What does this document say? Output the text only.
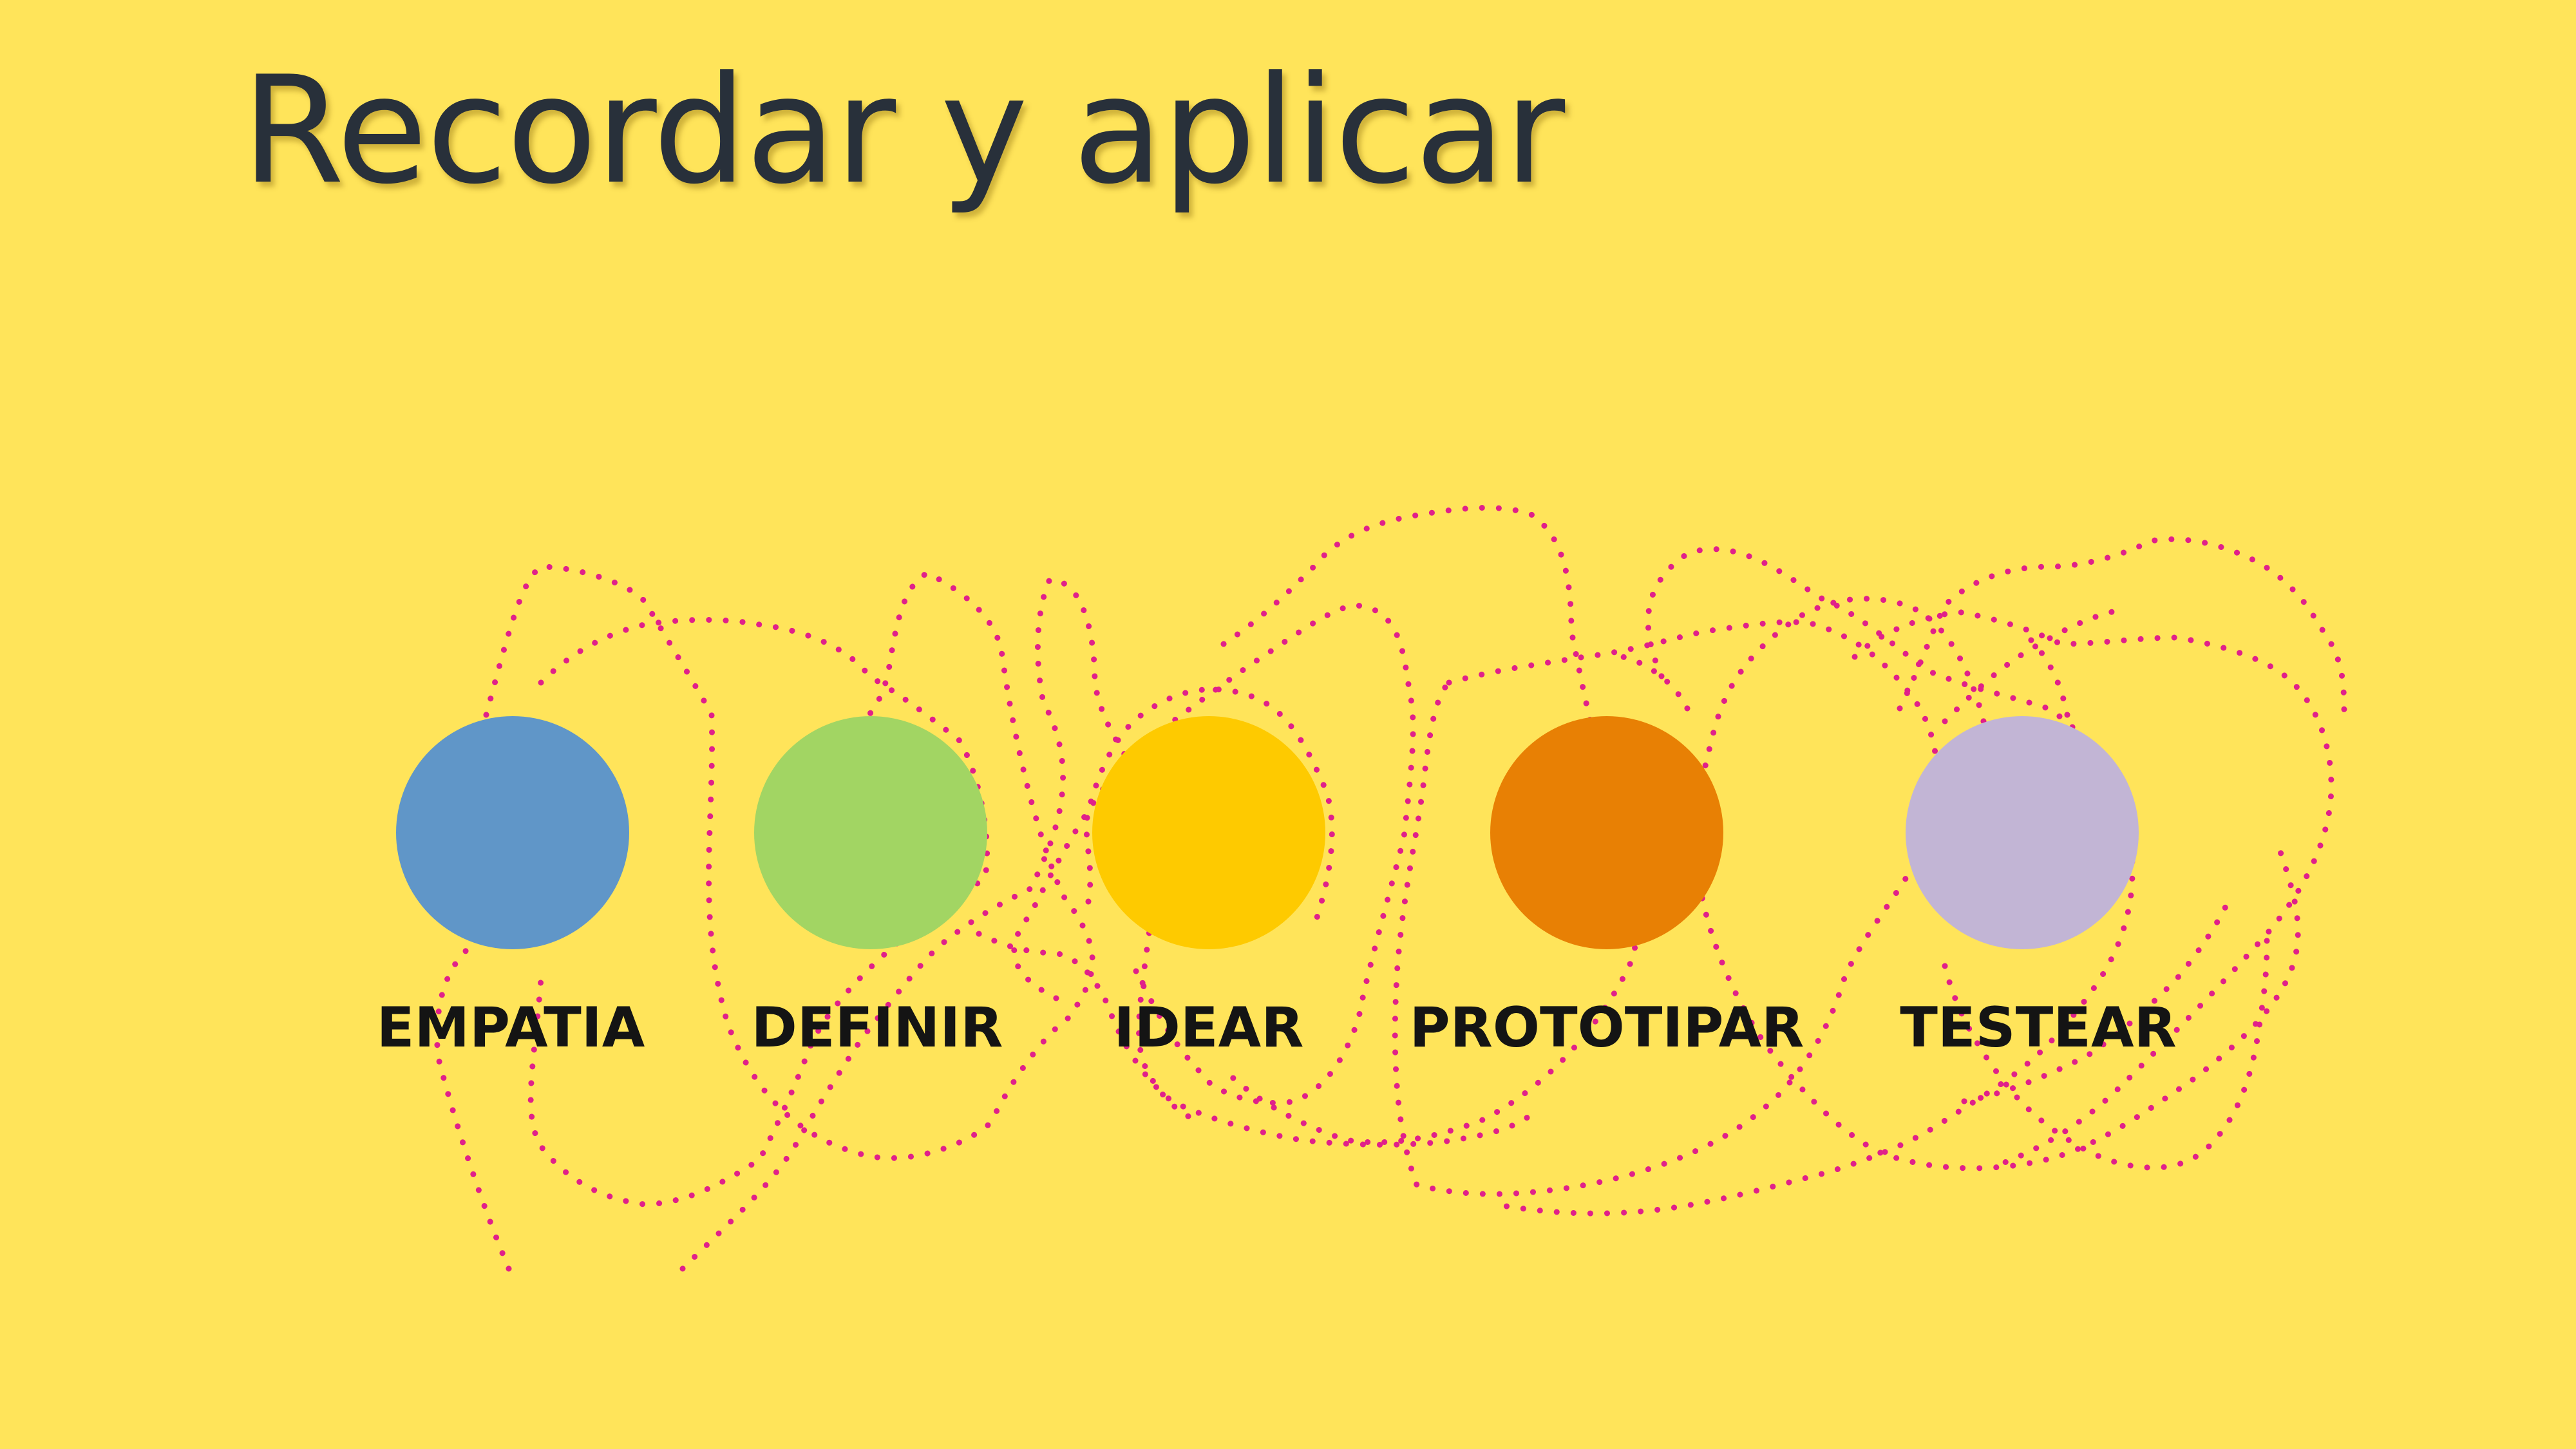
Recordar y aplicar
EMPATIA DEFINIR IDEAR PROTOTIPAR TESTEAR
